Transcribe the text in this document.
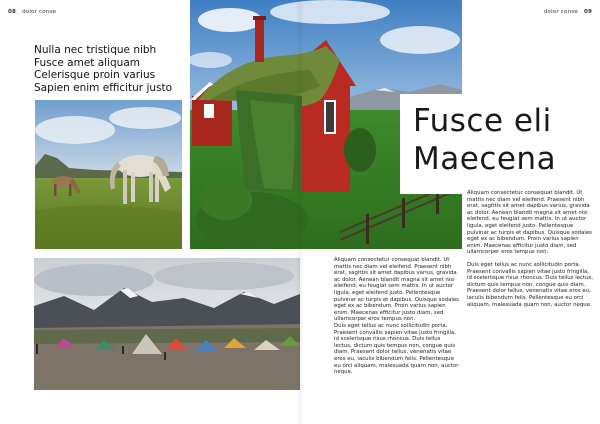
08 dolor conse	dolor conse 09
Nulla nec tristique nibh
Fusce amet aliquam
Celerisque proin varius
Sapien enim efficitur justo
Fusce eli
Maecena

Aliquam consectetur consequat blandit. Ut mattis nec diam vel eleifend. Praesent nibh erat, sagittis sit amet dapibus varius, gravida ac dolor. Aenean blandit magna sit amet nisi eleifend, eu feugiat sem mattis. In ut auctor ligula, eget eleifend justo. Pellentesque pulvinar ac turpis et dapibus. Quisque sodales eget ex ac bibendum. Proin varius sapien enim. Maecenas efficitur justo diam, sed ullamcorper eros tempus non.

Duis eget tellus ac nunc sollicitudin porta. Praesent convallis sapien vitae justo fringilla, id scelerisque risus rhoncus. Duis tellus lectus, dictum quis tempus non, congue quis diam. Praesent dolor tellus, venenatis vitae eros eu, iaculis bibendum felis. Pellentesque eu orci aliquam, malesuada quam non, auctor neque.

Aliquam consectetur consequat blandit. Ut mattis nec diam vel eleifend. Praesent nibh erat, sagittis sit amet dapibus varius, gravida ac dolor. Aenean blandit magna sit amet nisi eleifend, eu feugiat sem mattis. In ut auctor ligula, eget eleifend justo. Pellentesque pulvinar ac turpis et dapibus. Quisque sodales eget ex ac bibendum. Proin varius sapien enim. Maecenas efficitur justo diam, sed ullamcorper eros tempus non.

Duis eget tellus ac nunc sollicitudin porta. Praesent convallis sapien vitae justo fringilla, id scelerisque risus rhoncus. Duis tellus lectus, dictum quis tempus non, congue quis diam. Praesent dolor tellus, venenatis vitae eros eu, iaculis bibendum felis. Pellentesque eu orci aliquam, malesuada quam non, auctor neque.
